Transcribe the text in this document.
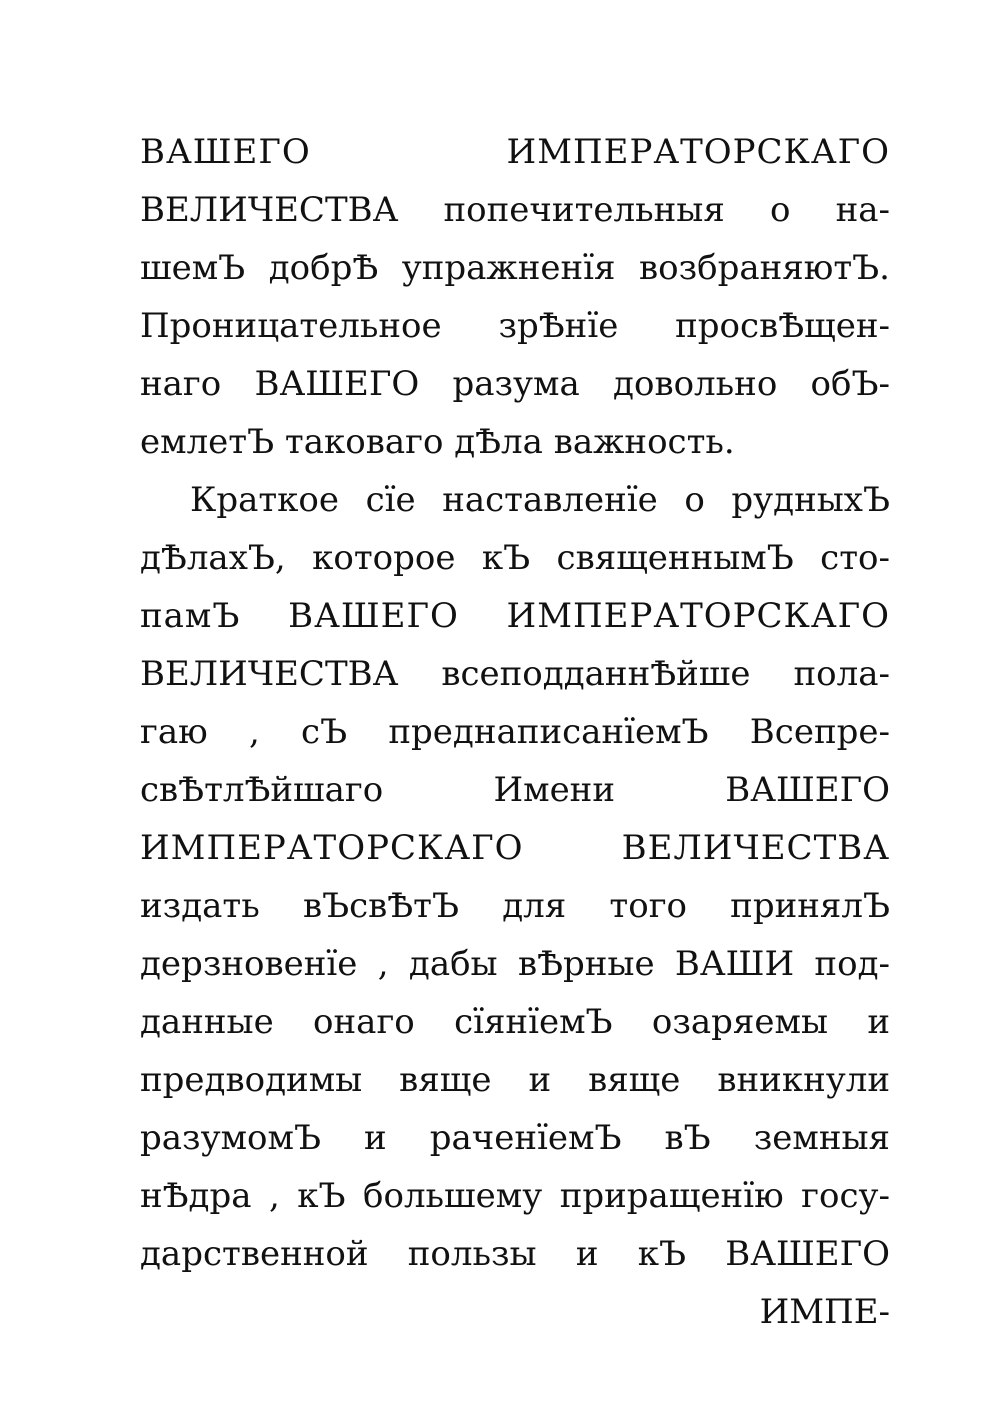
ВАШЕГО ИМПЕРАТОРСКАГО
ВЕЛИЧЕСТВА попечительныя о на-
шемЪ добрѢ упражненїя возбраняютЪ.
Проницательное зрѢнїе просвѢщен-
наго ВАШЕГО разума довольно обЪ-
емлетЪ таковаго дѢла важность.
Краткое сїе наставленїе о рудныхЪ
дѢлахЪ, которое кЪ священнымЪ сто-
памЪ ВАШЕГО ИМПЕРАТОРСКАГО
ВЕЛИЧЕСТВА всеподданнѢйше пола-
гаю , сЪ преднаписанїемЪ Всепре-
свѢтлѢйшаго Имени ВАШЕГО
ИМПЕРАТОРСКАГО ВЕЛИЧЕСТВА
издать вЪсвѢтЪ для того принялЪ
дерзновенїе , дабы вѢрные ВАШИ под-
данные онаго сїянїемЪ озаряемы и
предводимы вяще и вяще вникнули
разумомЪ и раченїемЪ вЪ земныя
нѢдра , кЪ большему приращенїю госу-
дарственной пользы и кЪ ВАШЕГО
ИМПЕ-
